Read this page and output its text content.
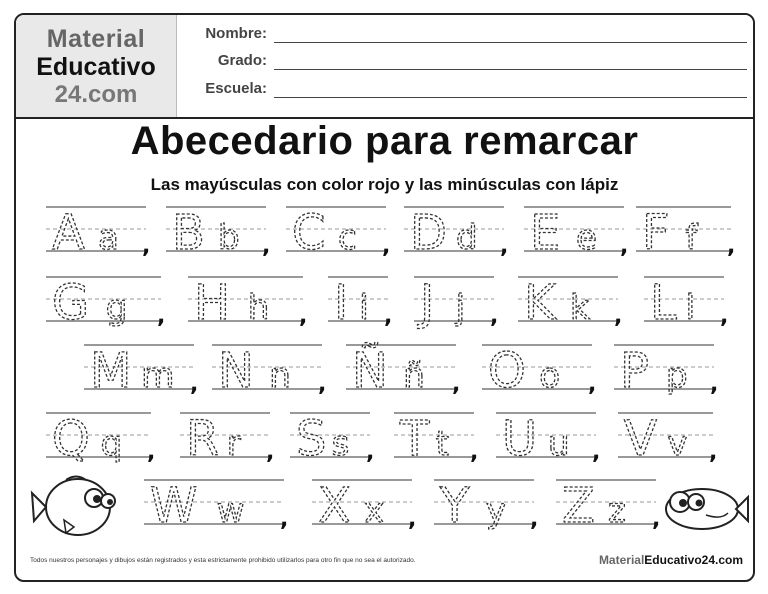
Material
Educativo
24.com
Nombre:
Grado:
Escuela:
Abecedario para remarcar
Las mayúsculas con color rojo y las minúsculas con lápiz
A a , B b , C c , D d , E e , F f ,
G g , H h , I i , J j , K k , L l ,
M m , N n , Ñ ñ , O o , P p ,
Q q , R r , S s , T t , U u , V v ,
W w , X x , Y y , Z z ,
Todos nuestros personajes y dibujos están registrados y esta estrictamente prohibido utilizarlos para otro fin que no sea el autorizado.	MaterialEducativo24.com
